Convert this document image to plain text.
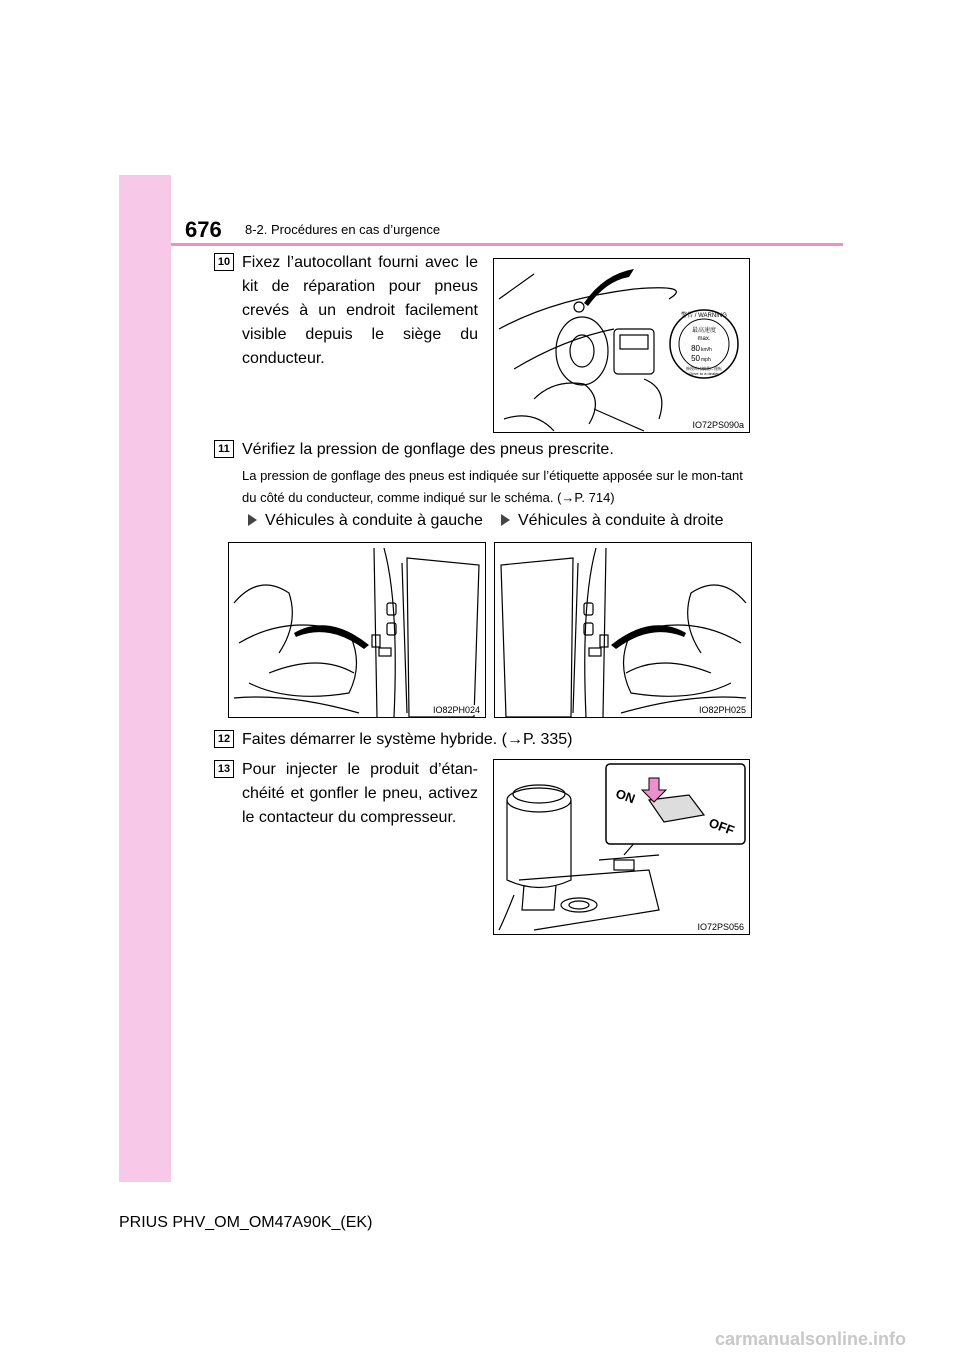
676 8-2. Procédures en cas d’urgence
10 Fixez l’autocollant fourni avec le kit de réparation pour pneus crevés à un endroit facilement visible depuis le siège du conducteur.
警告 / WARNING
最高速度
max.
80 km/h
50 mph
修理時は慎重に運転
Drive to a dealer
IO72PS090a
11 Vérifiez la pression de gonflage des pneus prescrite.
La pression de gonflage des pneus est indiquée sur l’étiquette apposée sur le mon-tant du côté du conducteur, comme indiqué sur le schéma. (→P. 714)
Véhicules à conduite à gauche	Véhicules à conduite à droite
IO82PH024	IO82PH025
12 Faites démarrer le système hybride. (→P. 335)
13 Pour injecter le produit d’étan-chéité et gonfler le pneu, activez le contacteur du compresseur.
ON
OFF
IO72PS056
PRIUS PHV_OM_OM47A90K_(EK)
carmanualsonline.info
